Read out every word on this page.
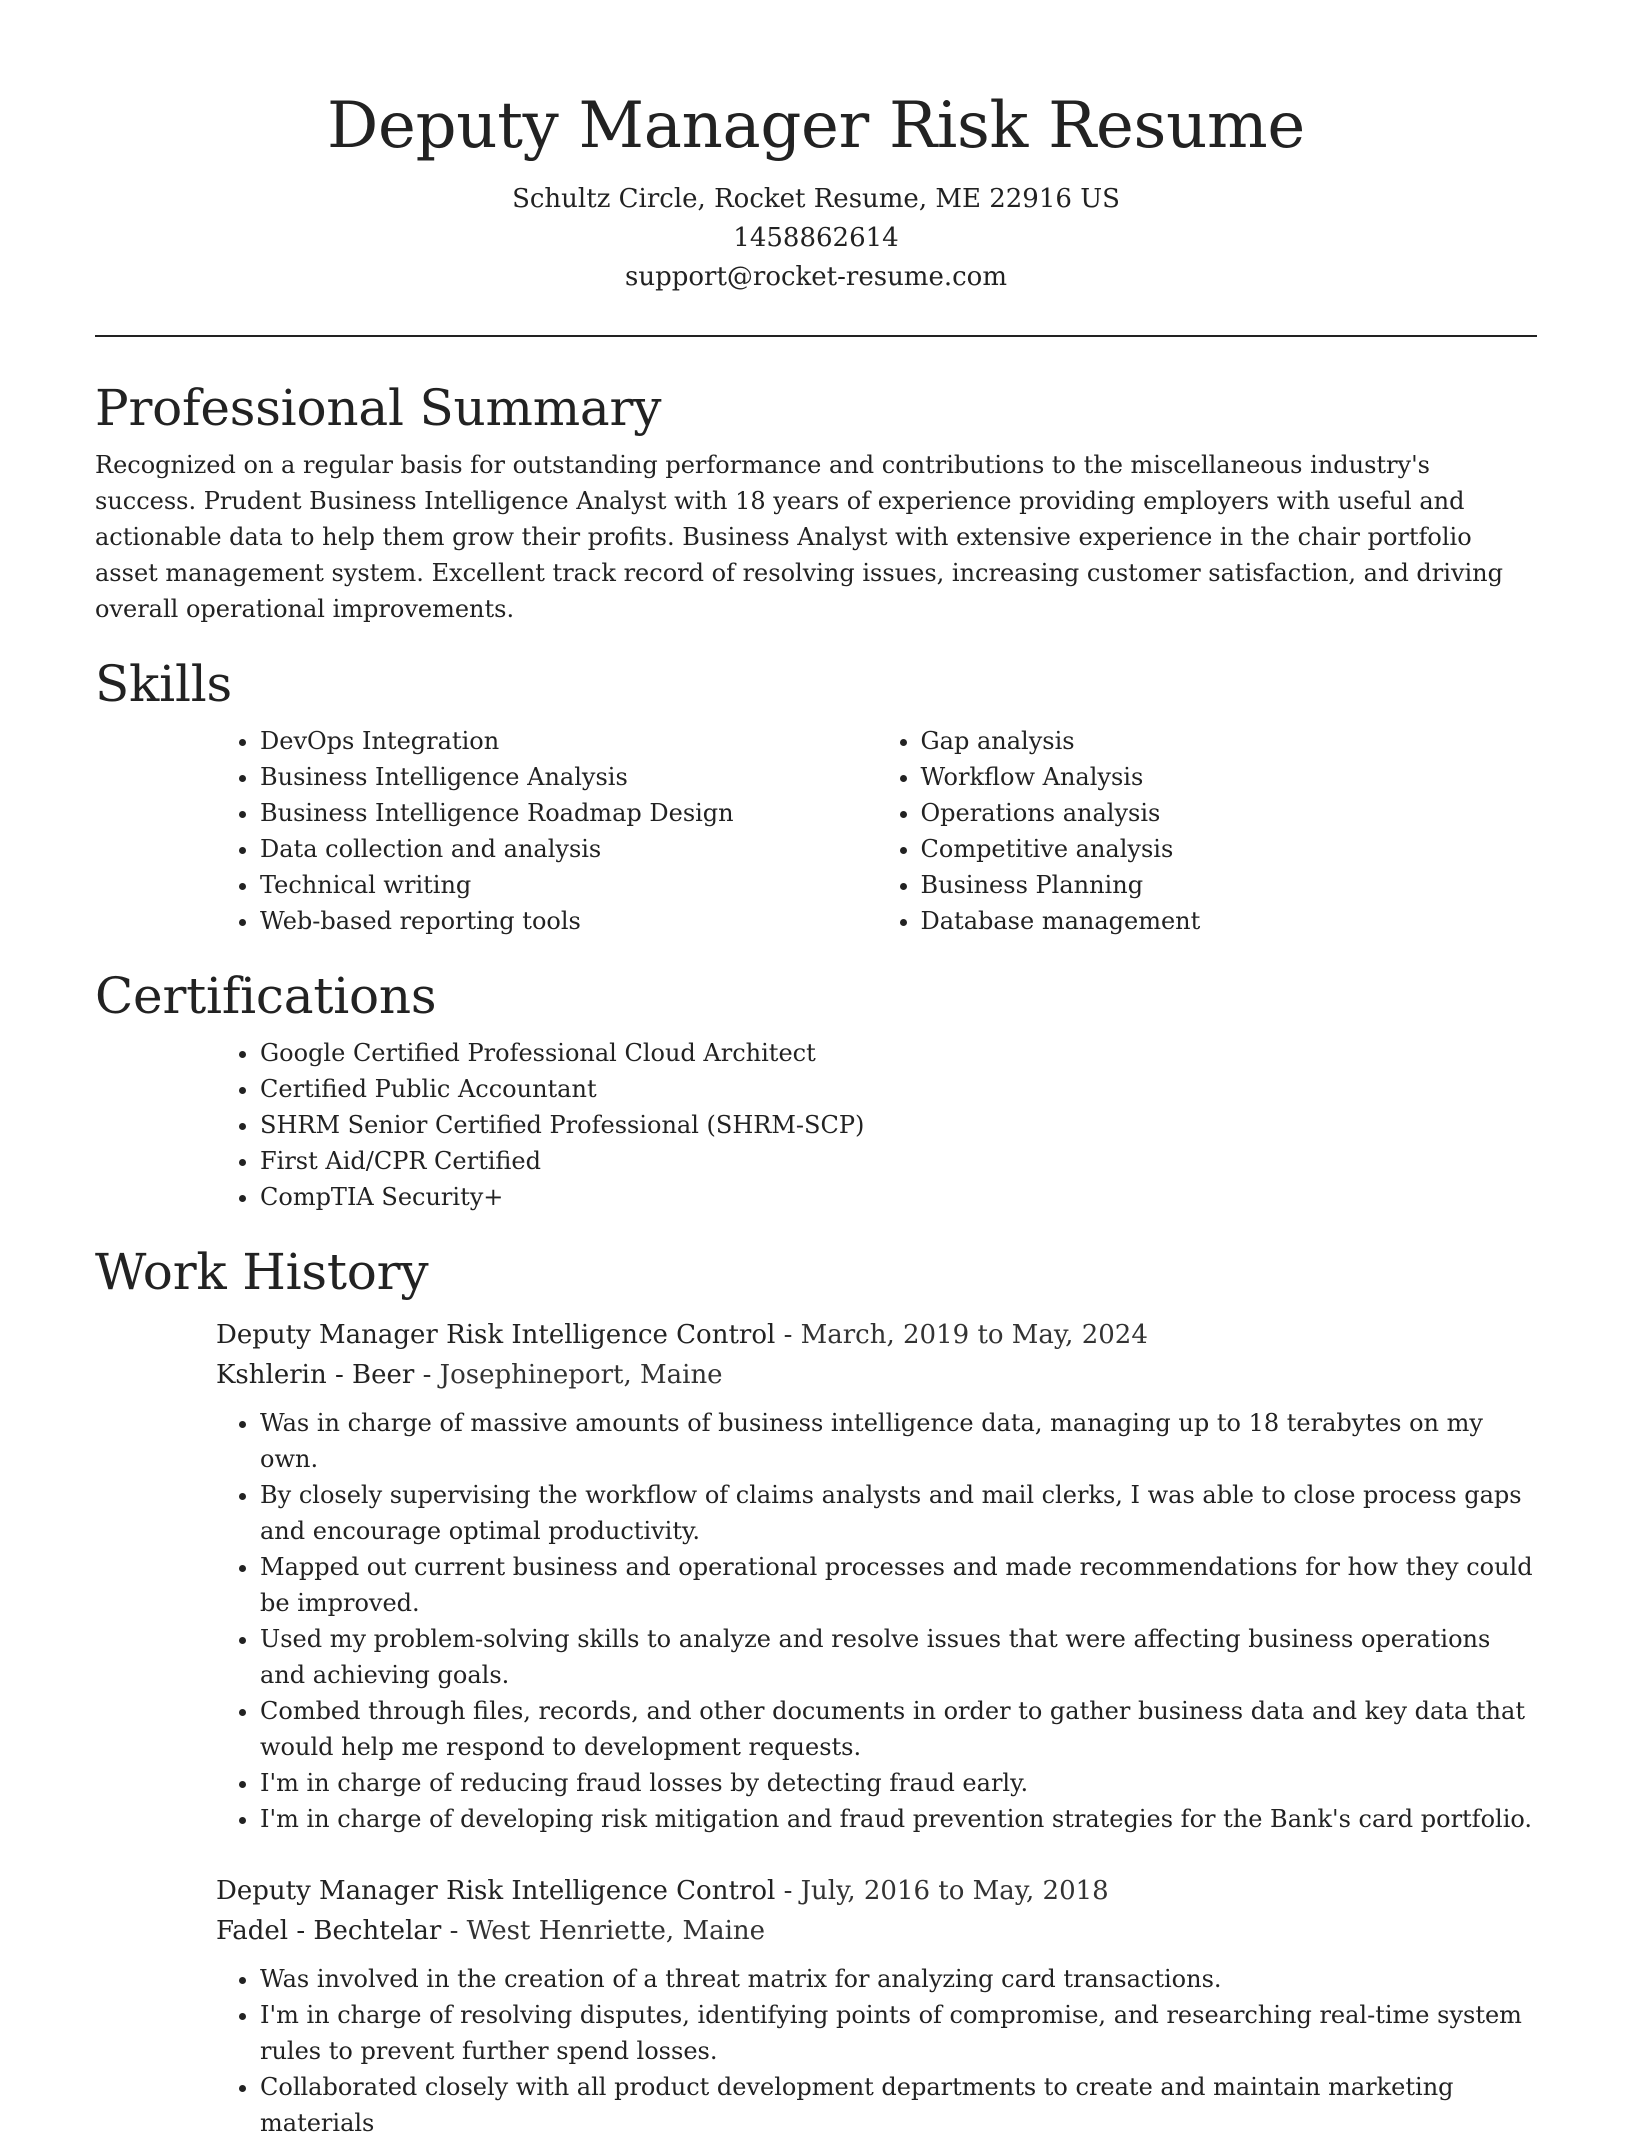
Deputy Manager Risk Resume

Schultz Circle, Rocket Resume, ME 22916 US

1458862614

support@rocket-resume.com

Professional Summary

Recognized on a regular basis for outstanding performance and contributions to the miscellaneous industry's success. Prudent Business Intelligence Analyst with 18 years of experience providing employers with useful and actionable data to help them grow their profits. Business Analyst with extensive experience in the chair portfolio asset management system. Excellent track record of resolving issues, increasing customer satisfaction, and driving overall operational improvements.

Skills
• DevOps Integration
• Business Intelligence Analysis
• Business Intelligence Roadmap Design
• Data collection and analysis
• Technical writing
• Web-based reporting tools
• Gap analysis
• Workflow Analysis
• Operations analysis
• Competitive analysis
• Business Planning
• Database management
Certifications
• Google Certified Professional Cloud Architect
• Certified Public Accountant
• SHRM Senior Certified Professional (SHRM-SCP)
• First Aid/CPR Certified
• CompTIA Security+
Work History

Deputy Manager Risk Intelligence Control - March, 2019 to May, 2024

Kshlerin - Beer - Josephineport, Maine

• Was in charge of massive amounts of business intelligence data, managing up to 18 terabytes on my own.
• By closely supervising the workflow of claims analysts and mail clerks, I was able to close process gaps and encourage optimal productivity.
• Mapped out current business and operational processes and made recommendations for how they could be improved.
• Used my problem-solving skills to analyze and resolve issues that were affecting business operations and achieving goals.
• Combed through files, records, and other documents in order to gather business data and key data that would help me respond to development requests.
• I'm in charge of reducing fraud losses by detecting fraud early.
• I'm in charge of developing risk mitigation and fraud prevention strategies for the Bank's card portfolio.

Deputy Manager Risk Intelligence Control - July, 2016 to May, 2018

Fadel - Bechtelar - West Henriette, Maine

• Was involved in the creation of a threat matrix for analyzing card transactions.
• I'm in charge of resolving disputes, identifying points of compromise, and researching real-time system rules to prevent further spend losses.
• Collaborated closely with all product development departments to create and maintain marketing materials
